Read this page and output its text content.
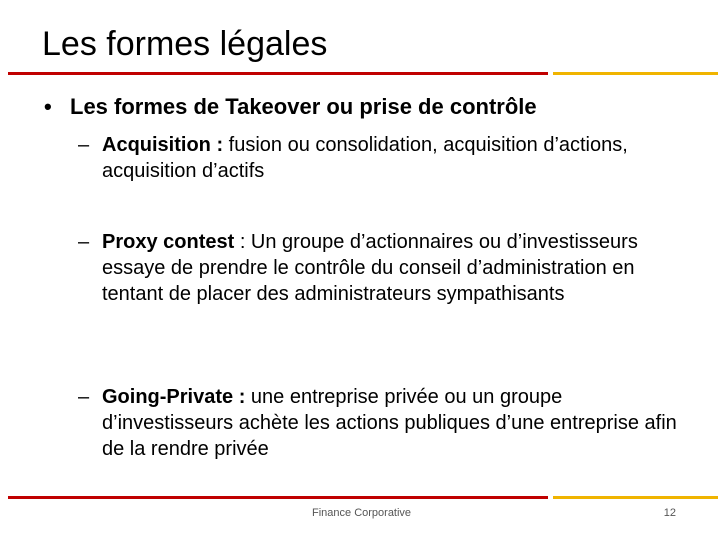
Les formes légales
• Les formes de Takeover ou prise de contrôle
– Acquisition : fusion ou consolidation, acquisition d’actions, acquisition d’actifs
– Proxy contest : Un groupe d’actionnaires ou d’investisseurs essaye de prendre le contrôle du conseil d’administration en tentant de placer des administrateurs sympathisants
– Going-Private : une entreprise privée ou un groupe d’investisseurs achète les actions publiques d’une entreprise afin de la rendre privée
Finance Corporative	12
